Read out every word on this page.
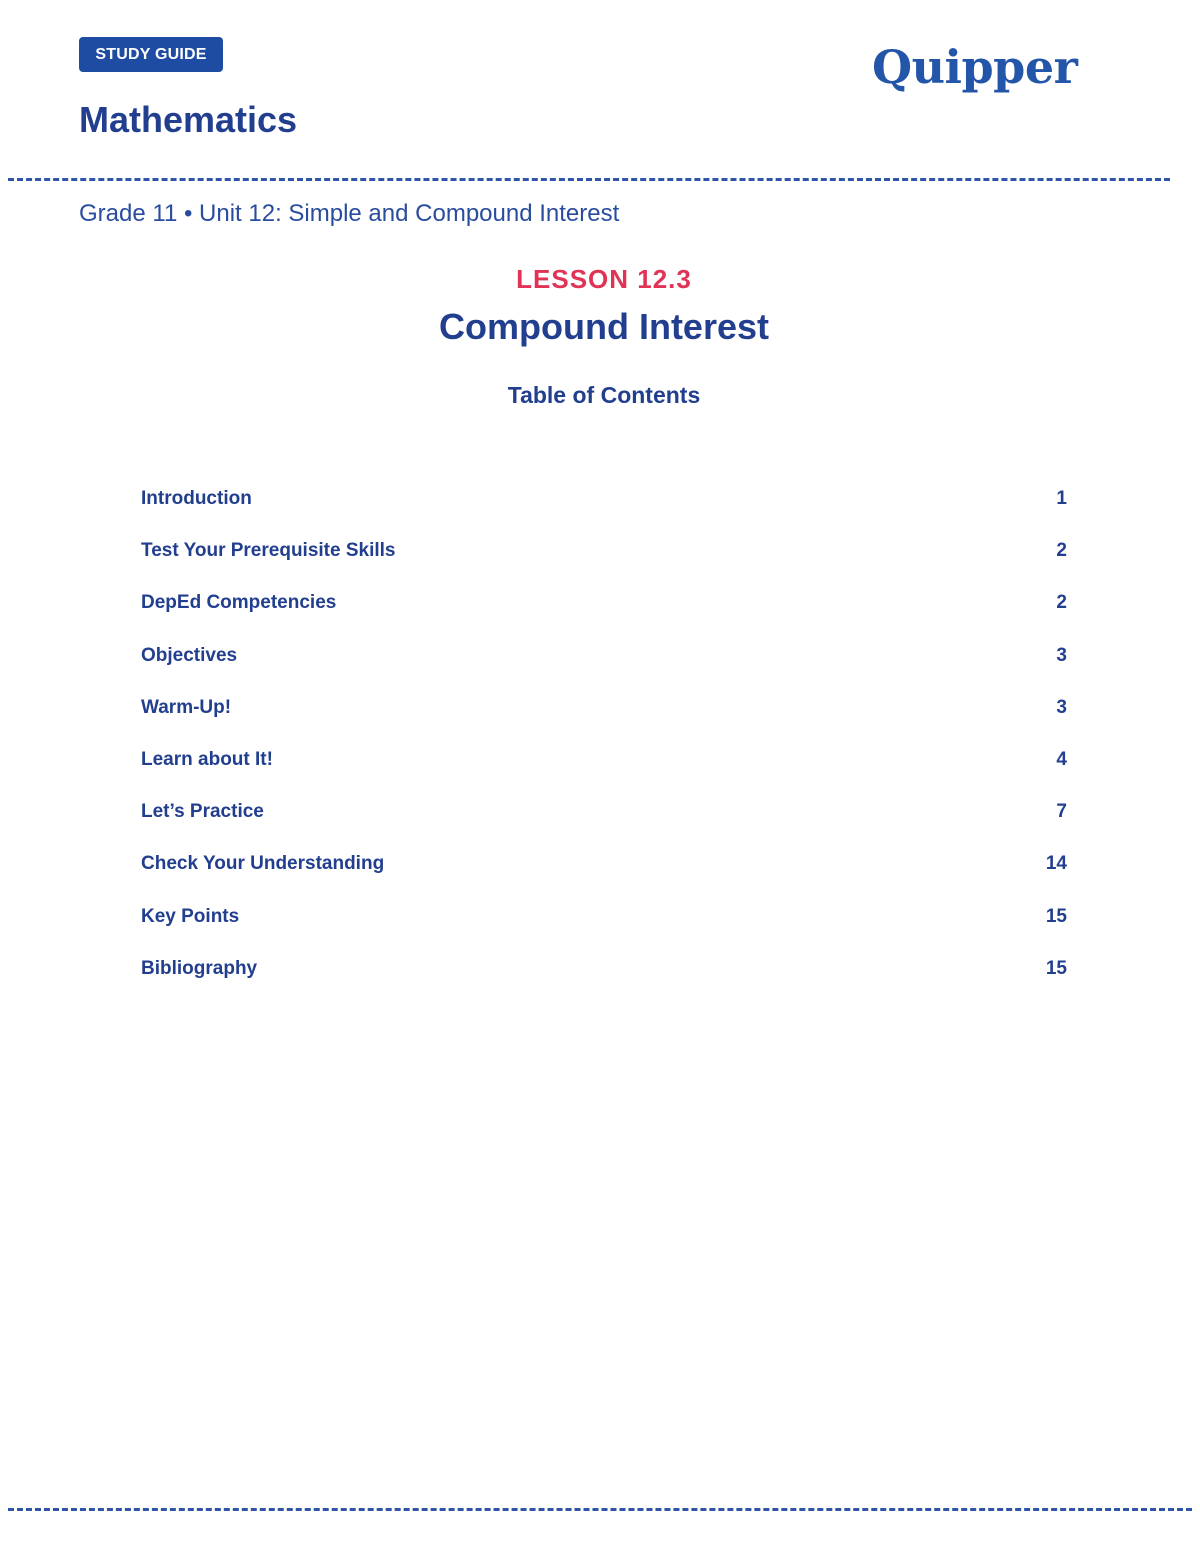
STUDY GUIDE
Mathematics
Quipper
Grade 11 • Unit 12: Simple and Compound Interest
LESSON 12.3
Compound Interest
Table of Contents
Introduction	1
Test Your Prerequisite Skills	2
DepEd Competencies	2
Objectives	3
Warm-Up!	3
Learn about It!	4
Let’s Practice	7
Check Your Understanding	14
Key Points	15
Bibliography	15
